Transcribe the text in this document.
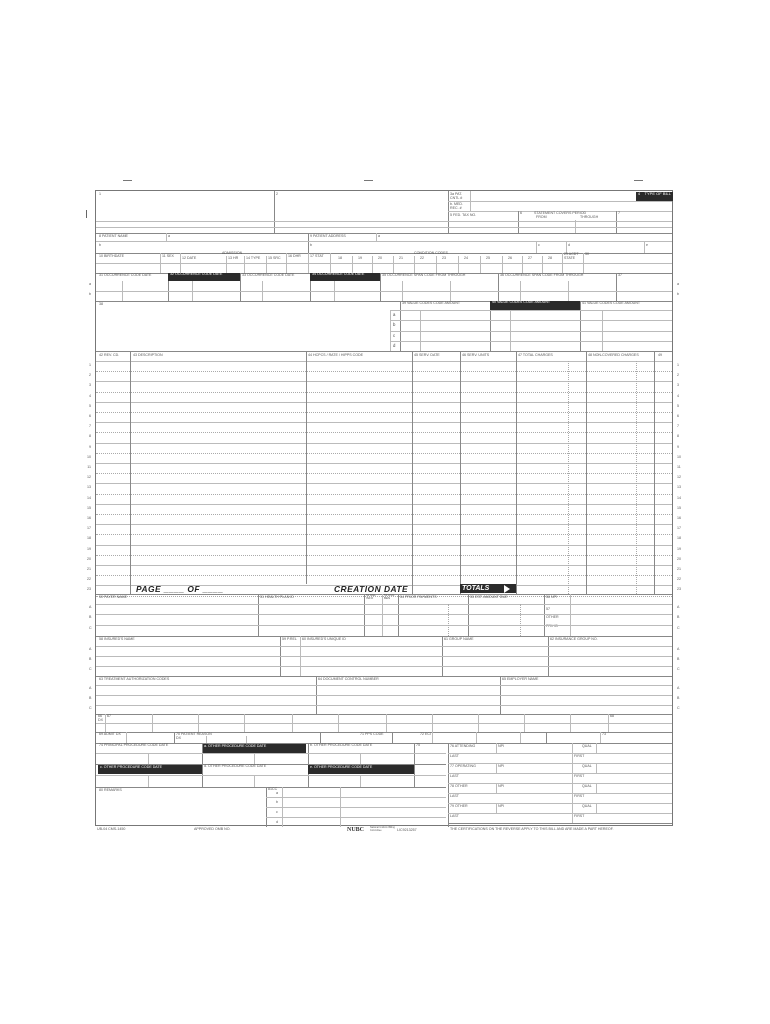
1	2	3a PAT. CNTL #
b. MED. REC. #
TYPE OF BILL
4
5 FED. TAX NO.	6	STATEMENT COVERS PERIOD
FROM	THROUGH
7
8 PATIENT NAME	a	9 PATIENT ADDRESS	a
b	b	c	d	e
10 BIRTHDATE	11 SEX
ADMISSION
12 DATE	13 HR 14 TYPE 15 SRC 16 DHR	17 STAT
CONDITION CODES
18	19	20	21	22	23	24	25	26	27	28
29 ACDT STATE
30
31 OCCURRENCE CODE DATE	32 OCCURRENCE CODE DATE	33 OCCURRENCE CODE DATE	34 OCCURRENCE CODE DATE	35 OCCURRENCE SPAN CODE FROM THROUGH	36 OCCURRENCE SPAN CODE FROM THROUGH	37
38	39 VALUE CODES CODE AMOUNT	40 VALUE CODES CODE AMOUNT	41 VALUE CODES CODE AMOUNT
a
b
c
d
42 REV. CD.	43 DESCRIPTION	44 HCPCS / RATE / HIPPS CODE	45 SERV. DATE	46 SERV. UNITS	47 TOTAL CHARGES	48 NON-COVERED CHARGES	49
1	1
2	2
3	3
4	4
5	5
6	6
7	7
8	8
9	9
10	10
11	11
12	12
13	13
14	14
15	15
16	16
17	17
18	18
19	19
20	20
21	21
22	22
23	23
PAGE ____ OF ____	CREATION DATE	TOTALS
50 PAYER NAME	51 HEALTH PLAN ID	52 REL INFO
53 ASG BEN	54 PRIOR PAYMENTS	55 EST. AMOUNT DUE	56 NPI
57
OTHER
PRV ID
58 INSURED'S NAME	59 P.REL 60 INSURED'S UNIQUE ID	61 GROUP NAME	62 INSURANCE GROUP NO.
63 TREATMENT AUTHORIZATION CODES	64 DOCUMENT CONTROL NUMBER	65 EMPLOYER NAME
66 DX
67	68
69 ADMIT DX	70 PATIENT REASON DX
71 PPS CODE	72 ECI	73
74 PRINCIPAL PROCEDURE CODE DATE	a. OTHER PROCEDURE CODE DATE	b. OTHER PROCEDURE CODE DATE	75
c. OTHER PROCEDURE CODE DATE	d. OTHER PROCEDURE CODE DATE	e. OTHER PROCEDURE CODE DATE
76 ATTENDING	NPI	QUAL
LAST	FIRST
77 OPERATING	NPI	QUAL
LAST	FIRST
78 OTHER	NPI	QUAL
LAST	FIRST
79 OTHER	NPI	QUAL
LAST	FIRST
80 REMARKS	81CC
a
b
c
d
A	A
B	B
C	C
A	A
B	B
C	C
A	A
B	B
C	C
a	a
b	b
UB-04 CMS-1450	APPROVED OMB NO.	NUBC National Uniform Billing Committee	LIC9213257	THE CERTIFICATIONS ON THE REVERSE APPLY TO THIS BILL AND ARE MADE A PART HEREOF.
